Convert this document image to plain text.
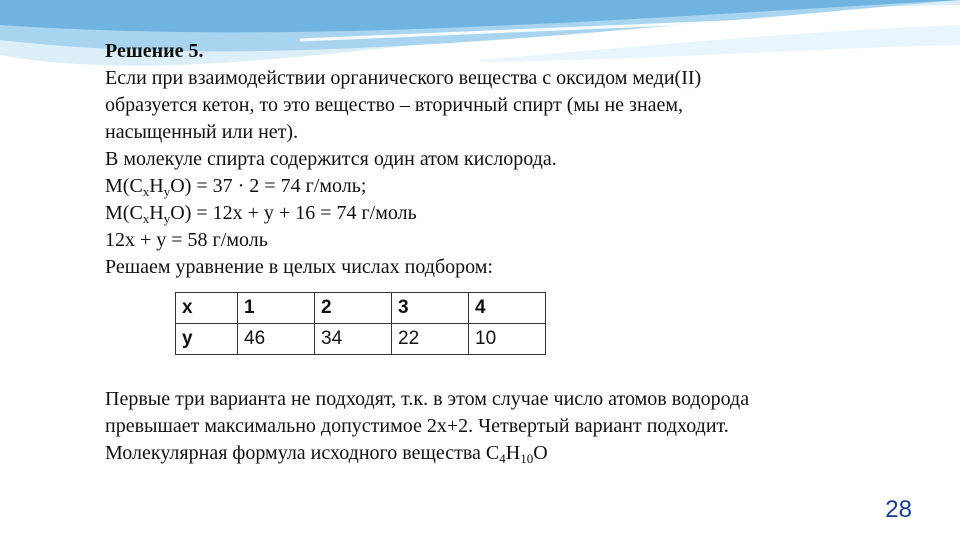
Решение 5.
Если при взаимодействии органического вещества с оксидом меди(II)
образуется кетон, то это вещество – вторичный спирт (мы не знаем,
насыщенный или нет).
В молекуле спирта содержится один атом кислорода.
$M(C_xH_yO) = 37 \cdot 2 = 74$ г/моль;
$M(C_xH_yO) = 12x + y + 16 = 74$ г/моль
12x + y = 58 г/моль
Решаем уравнение в целых числах подбором:
x	1	2	3	4
y	46	34	22	10
Первые три варианта не подходят, т.к. в этом случае число атомов водорода
превышает максимально допустимое 2x+2. Четвертый вариант подходит.
Молекулярная формула исходного вещества $C_4H_{10}O$
28
